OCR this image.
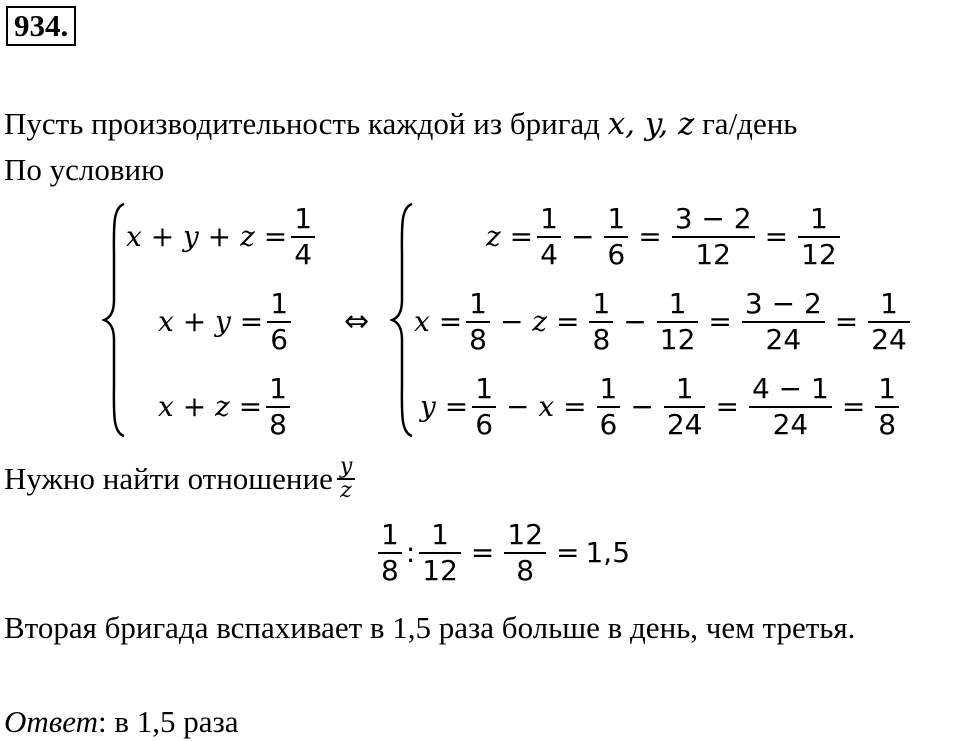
934.
Пусть производительность каждой из бригад x, y, z га/день
По условию
$x + y + z = \frac{1}{4}$
$x + y = \frac{1}{6}$
$x + z = \frac{1}{8}$
⇔
$z = \frac{1}{4} - \frac{1}{6} = \frac{3 - 2}{12} = \frac{1}{12}$
$x = \frac{1}{8} - z = \frac{1}{8} - \frac{1}{12} = \frac{3 - 2}{24} = \frac{1}{24}$
$y = \frac{1}{6} - x = \frac{1}{6} - \frac{1}{24} = \frac{4 - 1}{24} = \frac{1}{8}$
Нужно найти отношение $\frac{y}{z}$
$\frac{1}{8}$ : $\frac{1}{12} = \frac{12}{8} = 1,5$
Вторая бригада вспахивает в 1,5 раза больше в день, чем третья.
Ответ: в 1,5 раза
